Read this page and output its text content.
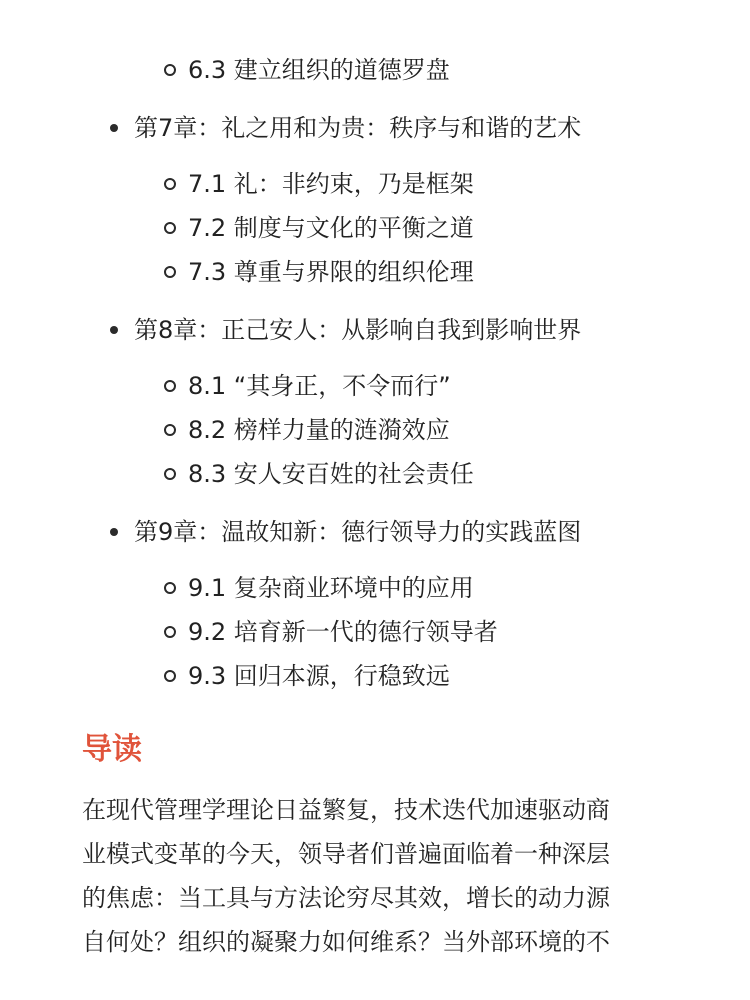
6.3 建立组织的道德罗盘
第7章：礼之用和为贵：秩序与和谐的艺术
7.1 礼：非约束，乃是框架
7.2 制度与文化的平衡之道
7.3 尊重与界限的组织伦理
第8章：正己安人：从影响自我到影响世界
8.1 “其身正，不令而行”
8.2 榜样力量的涟漪效应
8.3 安人安百姓的社会责任
第9章：温故知新：德行领导力的实践蓝图
9.1 复杂商业环境中的应用
9.2 培育新一代的德行领导者
9.3 回归本源，行稳致远
导读

在现代管理学理论日益繁复，技术迭代加速驱动商
业模式变革的今天，领导者们普遍面临着一种深层
的焦虑：当工具与方法论穷尽其效，增长的动力源
自何处？组织的凝聚力如何维系？当外部环境的不
